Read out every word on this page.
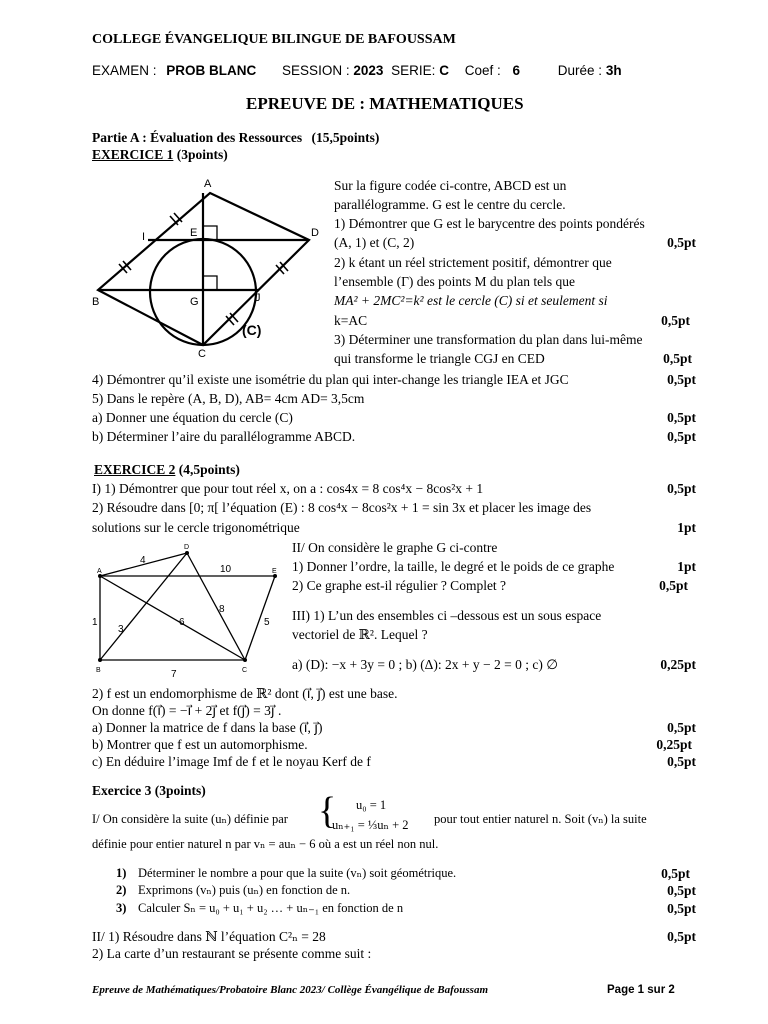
COLLEGE ÉVANGELIQUE BILINGUE DE BAFOUSSAM
EXAMEN : PROB BLANC SESSION : 2023 SERIE: C Coef : 6	Durée : 3h
EPREUVE DE : MATHEMATIQUES
Partie A : Évaluation des Ressources (15,5points)
EXERCICE 1 (3points)
A
D
B
C
I	E
G	J
(C)
Sur la figure codée ci-contre, ABCD est un
parallélogramme. G est le centre du cercle.
1) Démontrer que G est le barycentre des points pondérés
(A, 1) et (C, 2)	0,5pt
2) k étant un réel strictement positif, démontrer que
l’ensemble (Γ) des points M du plan tels que
MA² + 2MC²=k² est le cercle (C) si et seulement si
k=AC	0,5pt
3) Déterminer une transformation du plan dans lui-même
qui transforme le triangle CGJ en CED	0,5pt
4) Démontrer qu’il existe une isométrie du plan qui inter-change les triangle IEA et JGC	0,5pt
5) Dans le repère (A, B, D), AB= 4cm AD= 3,5cm
a) Donner une équation du cercle (C)	0,5pt
b) Déterminer l’aire du parallélogramme ABCD.	0,5pt
EXERCICE 2 (4,5points)
I) 1) Démontrer que pour tout réel x, on a : cos4x = 8 cos⁴x − 8cos²x + 1	0,5pt
2) Résoudre dans [0; π[ l’équation (E) : 8 cos⁴x − 8cos²x + 1 = sin 3x et placer les image des
solutions sur le cercle trigonométrique	1pt
A
D
E
B	C
4
10
1
3
6
8
5
7
II/ On considère le graphe G ci-contre
1) Donner l’ordre, la taille, le degré et le poids de ce graphe	1pt
2) Ce graphe est-il régulier ? Complet ?	0,5pt
III) 1) L’un des ensembles ci –dessous est un sous espace
vectoriel de ℝ². Lequel ?
a) (D): −x + 3y = 0 ; b) (Δ): 2x + y − 2 = 0 ; c) ∅	0,25pt
2) f est un endomorphisme de ℝ² dont (i⃗, j⃗) est une base.
On donne f(i⃗) = −i⃗ + 2j⃗ et f(j⃗) = 3j⃗ .
a) Donner la matrice de f dans la base (i⃗, j⃗)	0,5pt
b) Montrer que f est un automorphisme.	0,25pt
c) En déduire l’image Imf de f et le noyau Kerf de f	0,5pt
Exercice 3 (3points)
I/ On considère la suite (uₙ) définie par { u₀ = 1
uₙ₊₁ = ⅓uₙ + 2 pour tout entier naturel n. Soit (vₙ) la suite
définie pour entier naturel n par vₙ = auₙ − 6 où a est un réel non nul.
1) Déterminer le nombre a pour que la suite (vₙ) soit géométrique.	0,5pt
2) Exprimons (vₙ) puis (uₙ) en fonction de n.	0,5pt
3) Calculer Sₙ = u₀ + u₁ + u₂ … + uₙ₋₁ en fonction de n	0,5pt
II/ 1) Résoudre dans ℕ l’équation C²ₙ = 28	0,5pt
2) La carte d’un restaurant se présente comme suit :
Epreuve de Mathématiques/Probatoire Blanc 2023/ Collège Évangélique de Bafoussam	Page 1 sur 2
